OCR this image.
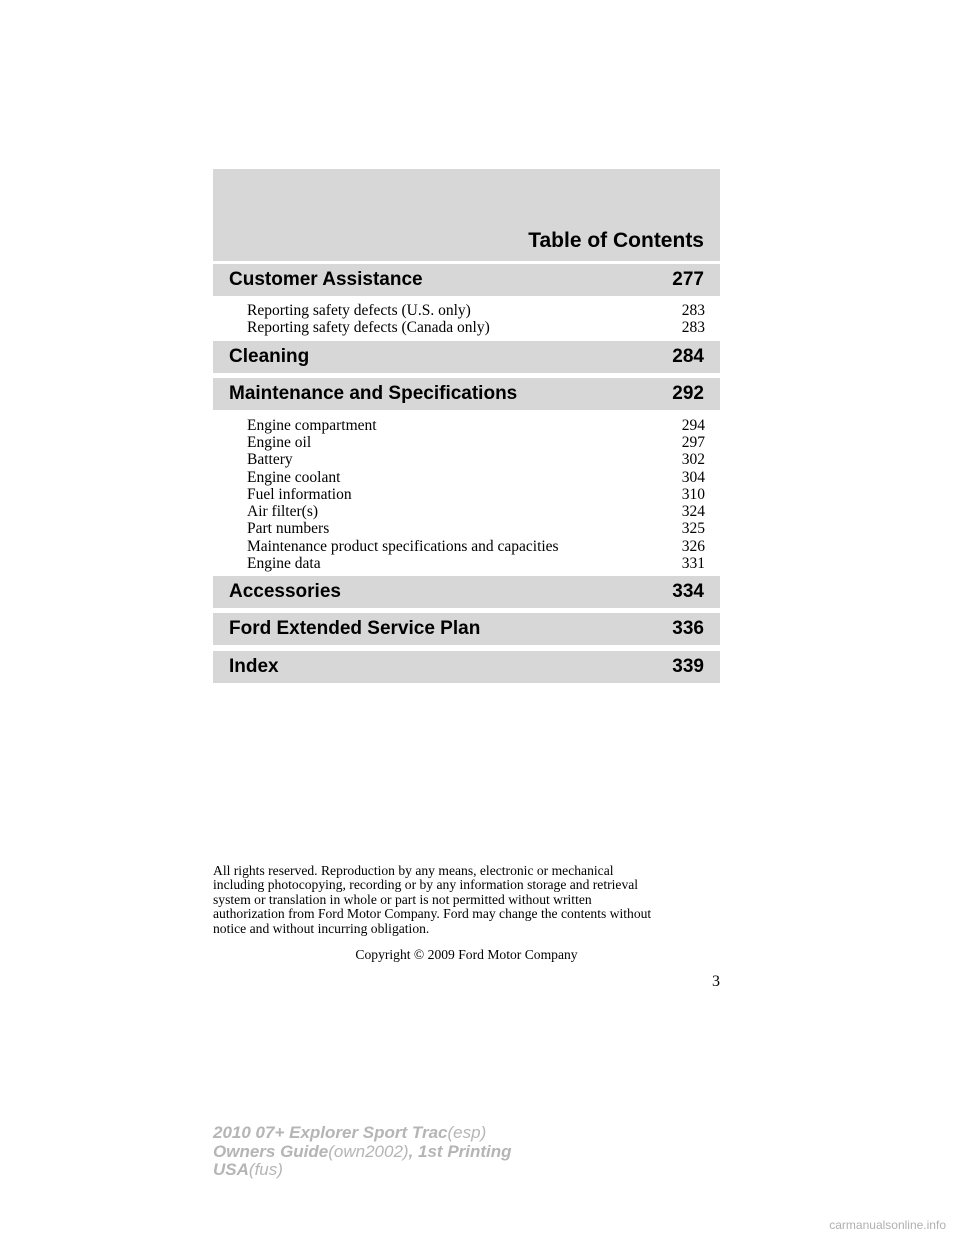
Table of Contents
Customer Assistance	277
Reporting safety defects (U.S. only)	283
Reporting safety defects (Canada only)	283
Cleaning	284
Maintenance and Specifications	292
Engine compartment	294
Engine oil	297
Battery	302
Engine coolant	304
Fuel information	310
Air filter(s)	324
Part numbers	325
Maintenance product specifications and capacities	326
Engine data	331
Accessories	334
Ford Extended Service Plan	336
Index	339
All rights reserved. Reproduction by any means, electronic or mechanical
including photocopying, recording or by any information storage and retrieval
system or translation in whole or part is not permitted without written
authorization from Ford Motor Company. Ford may change the contents without
notice and without incurring obligation.
Copyright © 2009 Ford Motor Company
3
2010 07+ Explorer Sport Trac(esp)
Owners Guide(own2002), 1st Printing
USA(fus)
carmanualsonline.info
